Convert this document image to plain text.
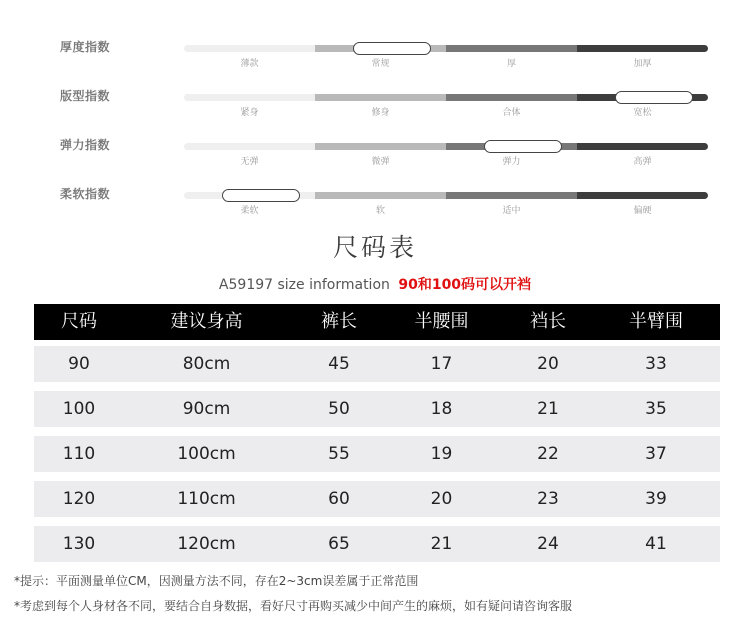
厚度指数
薄款	常规	厚	加厚
版型指数
紧身	修身	合体	宽松
弹力指数
无弹	微弹	弹力	高弹
柔软指数
柔软	软	适中	偏硬
尺码表
A59197 size information 90和100码可以开裆
尺码	建议身高	裤长	半腰围	裆长	半臂围
90	80cm	45	17	20	33
100	90cm	50	18	21	35
110	100cm	55	19	22	37
120	110cm	60	20	23	39
130	120cm	65	21	24	41
*提示：平面测量单位CM，因测量方法不同，存在2~3cm误差属于正常范围
*考虑到每个人身材各不同，要结合自身数据，看好尺寸再购买减少中间产生的麻烦，如有疑问请咨询客服
